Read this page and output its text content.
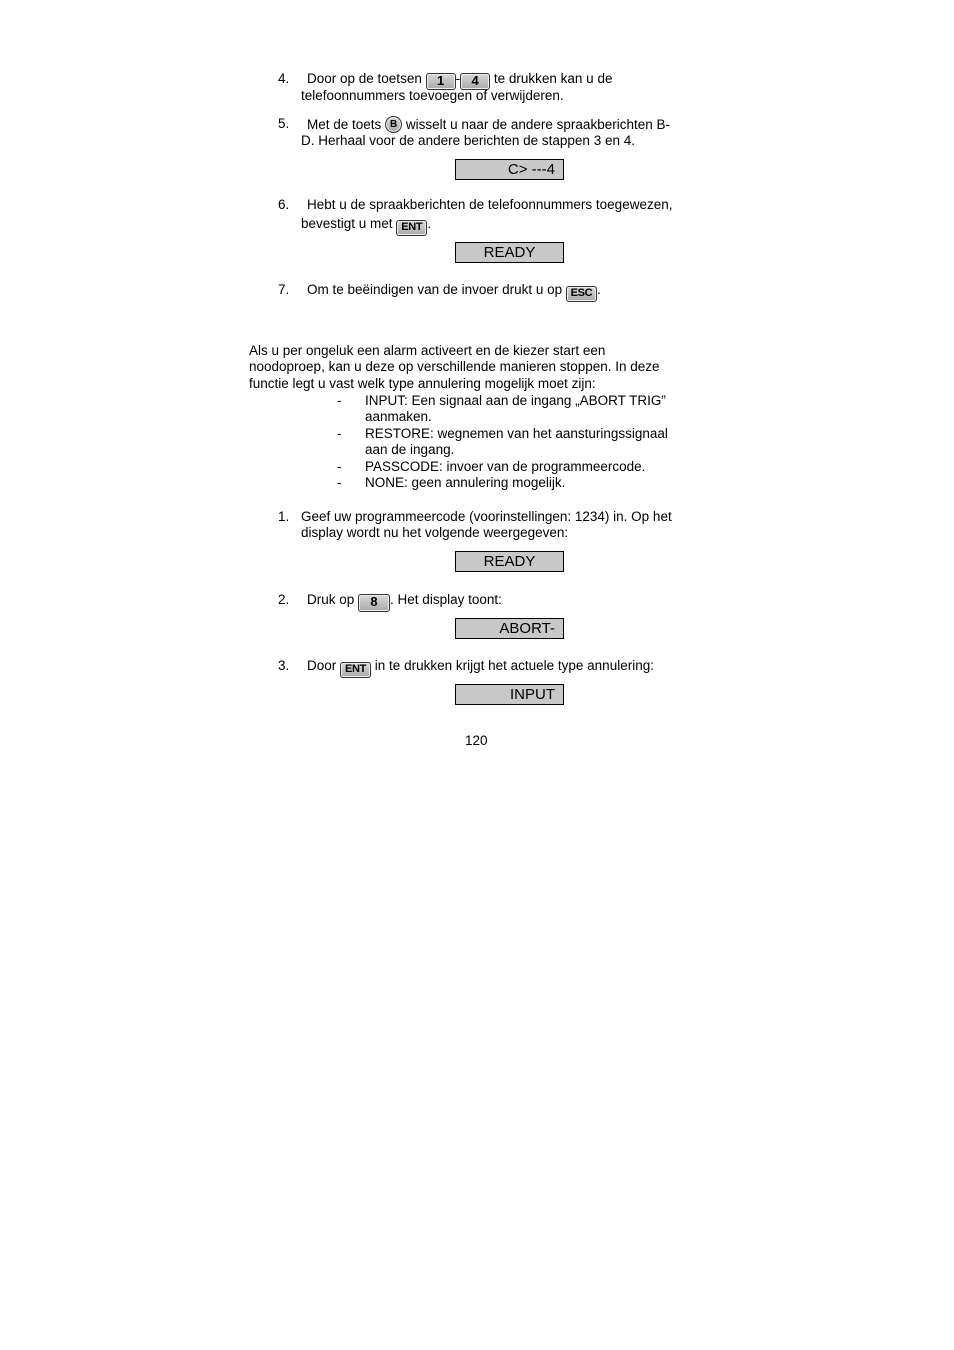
4. Door op de toetsen 1 - 4 te drukken kan u de
telefoonnummers toevoegen of verwijderen.
5. Met de toets B wisselt u naar de andere spraakberichten B-
D. Herhaal voor de andere berichten de stappen 3 en 4.
C> ---4
6. Hebt u de spraakberichten de telefoonnummers toegewezen,
bevestigt u met ENT .
READY
7. Om te beëindigen van de invoer drukt u op ESC .
Als u per ongeluk een alarm activeert en de kiezer start een
noodoproep, kan u deze op verschillende manieren stoppen. In deze
functie legt u vast welk type annulering mogelijk moet zijn:
- INPUT: Een signaal aan de ingang „ABORT TRIG”
aanmaken.
- RESTORE: wegnemen van het aansturingssignaal
aan de ingang.
- PASSCODE: invoer van de programmeercode.
- NONE: geen annulering mogelijk.
1. Geef uw programmeercode (voorinstellingen: 1234) in. Op het
display wordt nu het volgende weergegeven:
READY
2. Druk op 8 . Het display toont:
ABORT-
3. Door ENT in te drukken krijgt het actuele type annulering:
INPUT
120
